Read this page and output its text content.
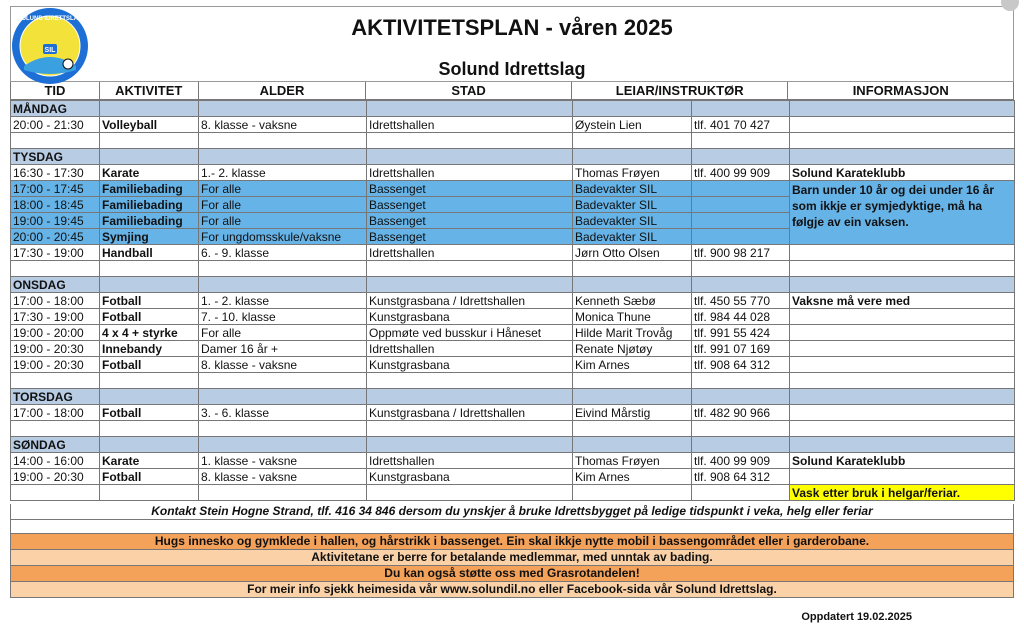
AKTIVITETSPLAN - våren 2025
Solund Idrettslag
SIL
SOLUND IDRETTSLAG
TID	AKTIVITET	ALDER	STAD	LEIAR/INSTRUKTØR	INFORMASJON
MÅNDAG						
20:00 - 21:30	Volleyball	8. klasse - vaksne	Idrettshallen	Øystein Lien	tlf. 401 70 427	

TYSDAG						
16:30 - 17:30	Karate	1.- 2. klasse	Idrettshallen	Thomas Frøyen	tlf. 400 99 909	Solund Karateklubb
17:00 - 17:45	Familiebading	For alle	Bassenget	Badevakter SIL		Barn under 10 år og dei under 16 år som ikkje er symjedyktige, må ha følgje av ein vaksen.
18:00 - 18:45	Familiebading	For alle	Bassenget	Badevakter SIL		
19:00 - 19:45	Familiebading	For alle	Bassenget	Badevakter SIL		
20:00 - 20:45	Symjing	For ungdomsskule/vaksne	Bassenget	Badevakter SIL		
17:30 - 19:00	Handball	6. - 9. klasse	Idrettshallen	Jørn Otto Olsen	tlf. 900 98 217	

ONSDAG						
17:00 - 18:00	Fotball	1. - 2. klasse	Kunstgrasbana / Idrettshallen	Kenneth Sæbø	tlf. 450 55 770	Vaksne må vere med
17:30 - 19:00	Fotball	7. - 10. klasse	Kunstgrasbana	Monica Thune	tlf. 984 44 028	
19:00 - 20:00	4 x 4 + styrke	For alle	Oppmøte ved busskur i Håneset	Hilde Marit Trovåg	tlf. 991 55 424	
19:00 - 20:30	Innebandy	Damer 16 år +	Idrettshallen	Renate Njøtøy	tlf. 991 07 169	
19:00 - 20:30	Fotball	8. klasse - vaksne	Kunstgrasbana	Kim Arnes	tlf. 908 64 312	

TORSDAG						
17:00 - 18:00	Fotball	3. - 6. klasse	Kunstgrasbana / Idrettshallen	Eivind Mårstig	tlf. 482 90 966	

SØNDAG						
14:00 - 16:00	Karate	1. klasse - vaksne	Idrettshallen	Thomas Frøyen	tlf. 400 99 909	Solund Karateklubb
19:00 - 20:30	Fotball	8. klasse - vaksne	Kunstgrasbana	Kim Arnes	tlf. 908 64 312	
						Vask etter bruk i helgar/feriar.
Kontakt Stein Hogne Strand, tlf. 416 34 846 dersom du ynskjer å bruke Idrettsbygget på ledige tidspunkt i veka, helg eller feriar
Hugs innesko og gymklede i hallen, og hårstrikk i bassenget. Ein skal ikkje nytte mobil i bassengområdet eller i garderobane.
Aktivitetane er berre for betalande medlemmar, med unntak av bading.
Du kan også støtte oss med Grasrotandelen!
For meir info sjekk heimesida vår www.solundil.no eller Facebook-sida vår Solund Idrettslag.
Oppdatert 19.02.2025
